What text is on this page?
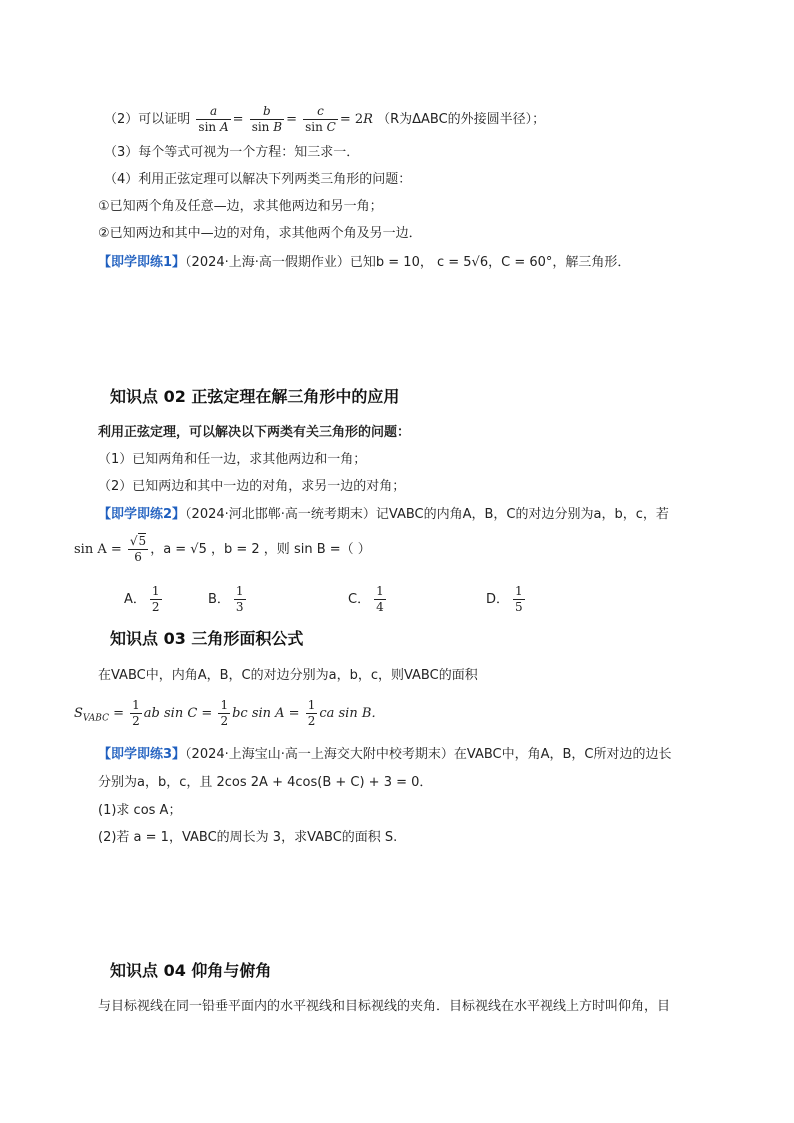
（2）可以证明 $\frac{a}{\text{sin A}} = \frac{b}{\text{sin B}} = \frac{c}{\text{sin C}} = 2R$ （R为ΔABC的外接圆半径）；
（3）每个等式可视为一个方程：知三求一．
（4）利用正弦定理可以解决下列两类三角形的问题：
①已知两个角及任意—边，求其他两边和另一角；
②已知两边和其中—边的对角，求其他两个角及另一边．
【即学即练1】（2024·上海·高一假期作业）已知b = 10， c = 5√6，C = 60°，解三角形．
知识点 02 正弦定理在解三角形中的应用
利用正弦定理，可以解决以下两类有关三角形的问题：
（1）已知两角和任一边，求其他两边和一角；
（2）已知两边和其中一边的对角，求另一边的对角；
【即学即练2】（2024·河北邯郸·高一统考期末）记VABC的内角A，B，C的对边分别为a，b，c，若
$\sin A = \frac{√5}{6}$ ，a = √5 ，b = 2 ，则 sin B =（ ）
A． $\frac{1}{2}$	B． $\frac{1}{3}$	C． $\frac{1}{4}$	D． $\frac{1}{5}$
知识点 03 三角形面积公式
在VABC中，内角A，B，C的对边分别为a，b，c，则VABC的面积
$S_{VABC} = \frac{1}{2}$ ab $\sin C = \frac{1}{2}$ bc $\sin A = \frac{1}{2}$ ca sin B．
【即学即练3】（2024·上海宝山·高一上海交大附中校考期末）在VABC中，角A，B，C所对边的边长
分别为a，b，c，且 2cos 2A + 4cos(B + C) + 3 = 0．
(1)求 cos A；
(2)若 a = 1，VABC的周长为 3，求VABC的面积 S.
知识点 04 仰角与俯角
与目标视线在同一铅垂平面内的水平视线和目标视线的夹角．目标视线在水平视线上方时叫仰角，目
